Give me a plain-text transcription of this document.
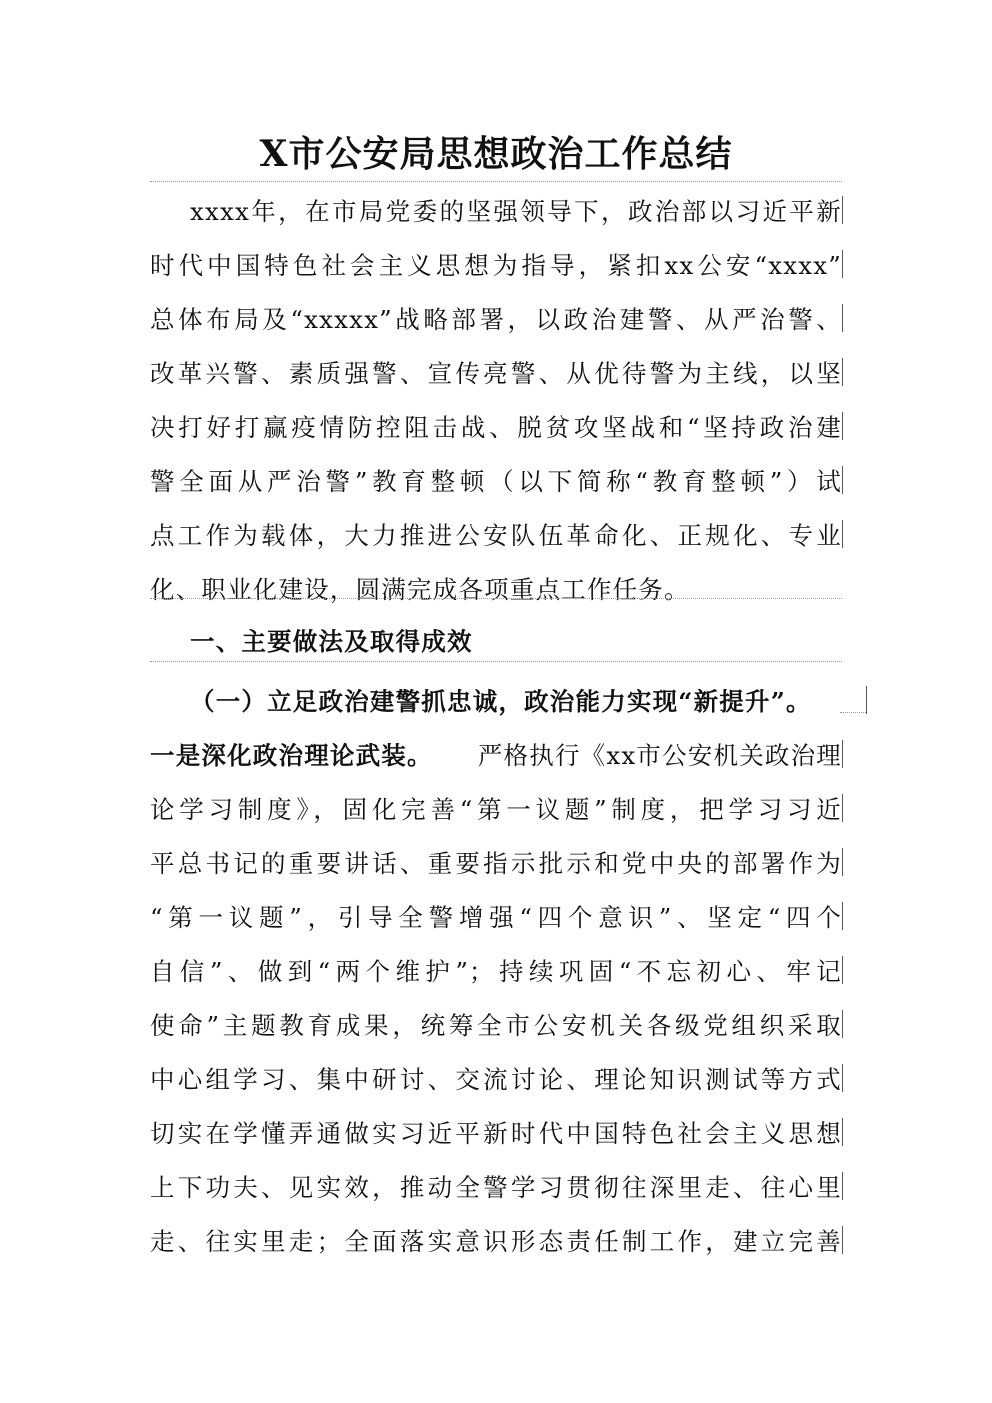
X市公安局思想政治工作总结
xxxx年，在市局党委的坚强领导下，政治部以习近平新
时代中国特色社会主义思想为指导，紧扣xx公安“xxxx”
总体布局及“xxxxx”战略部署，以政治建警、从严治警、
改革兴警、素质强警、宣传亮警、从优待警为主线，以坚
决打好打赢疫情防控阻击战、脱贫攻坚战和“坚持政治建
警全面从严治警”教育整顿（以下简称“教育整顿”）试
点工作为载体，大力推进公安队伍革命化、正规化、专业
化、职业化建设，圆满完成各项重点工作任务。
一、主要做法及取得成效
（一）立足政治建警抓忠诚，政治能力实现“新提升”。
一是深化政治理论武装。 严格执行《xx市公安机关政治理
论学习制度》，固化完善“第一议题”制度，把学习习近
平总书记的重要讲话、重要指示批示和党中央的部署作为
“第一议题”，引导全警增强“四个意识”、坚定“四个
自信”、做到“两个维护”；持续巩固“不忘初心、牢记
使命”主题教育成果，统筹全市公安机关各级党组织采取
中心组学习、集中研讨、交流讨论、理论知识测试等方式
切实在学懂弄通做实习近平新时代中国特色社会主义思想
上下功夫、见实效，推动全警学习贯彻往深里走、往心里
走、往实里走；全面落实意识形态责任制工作，建立完善
